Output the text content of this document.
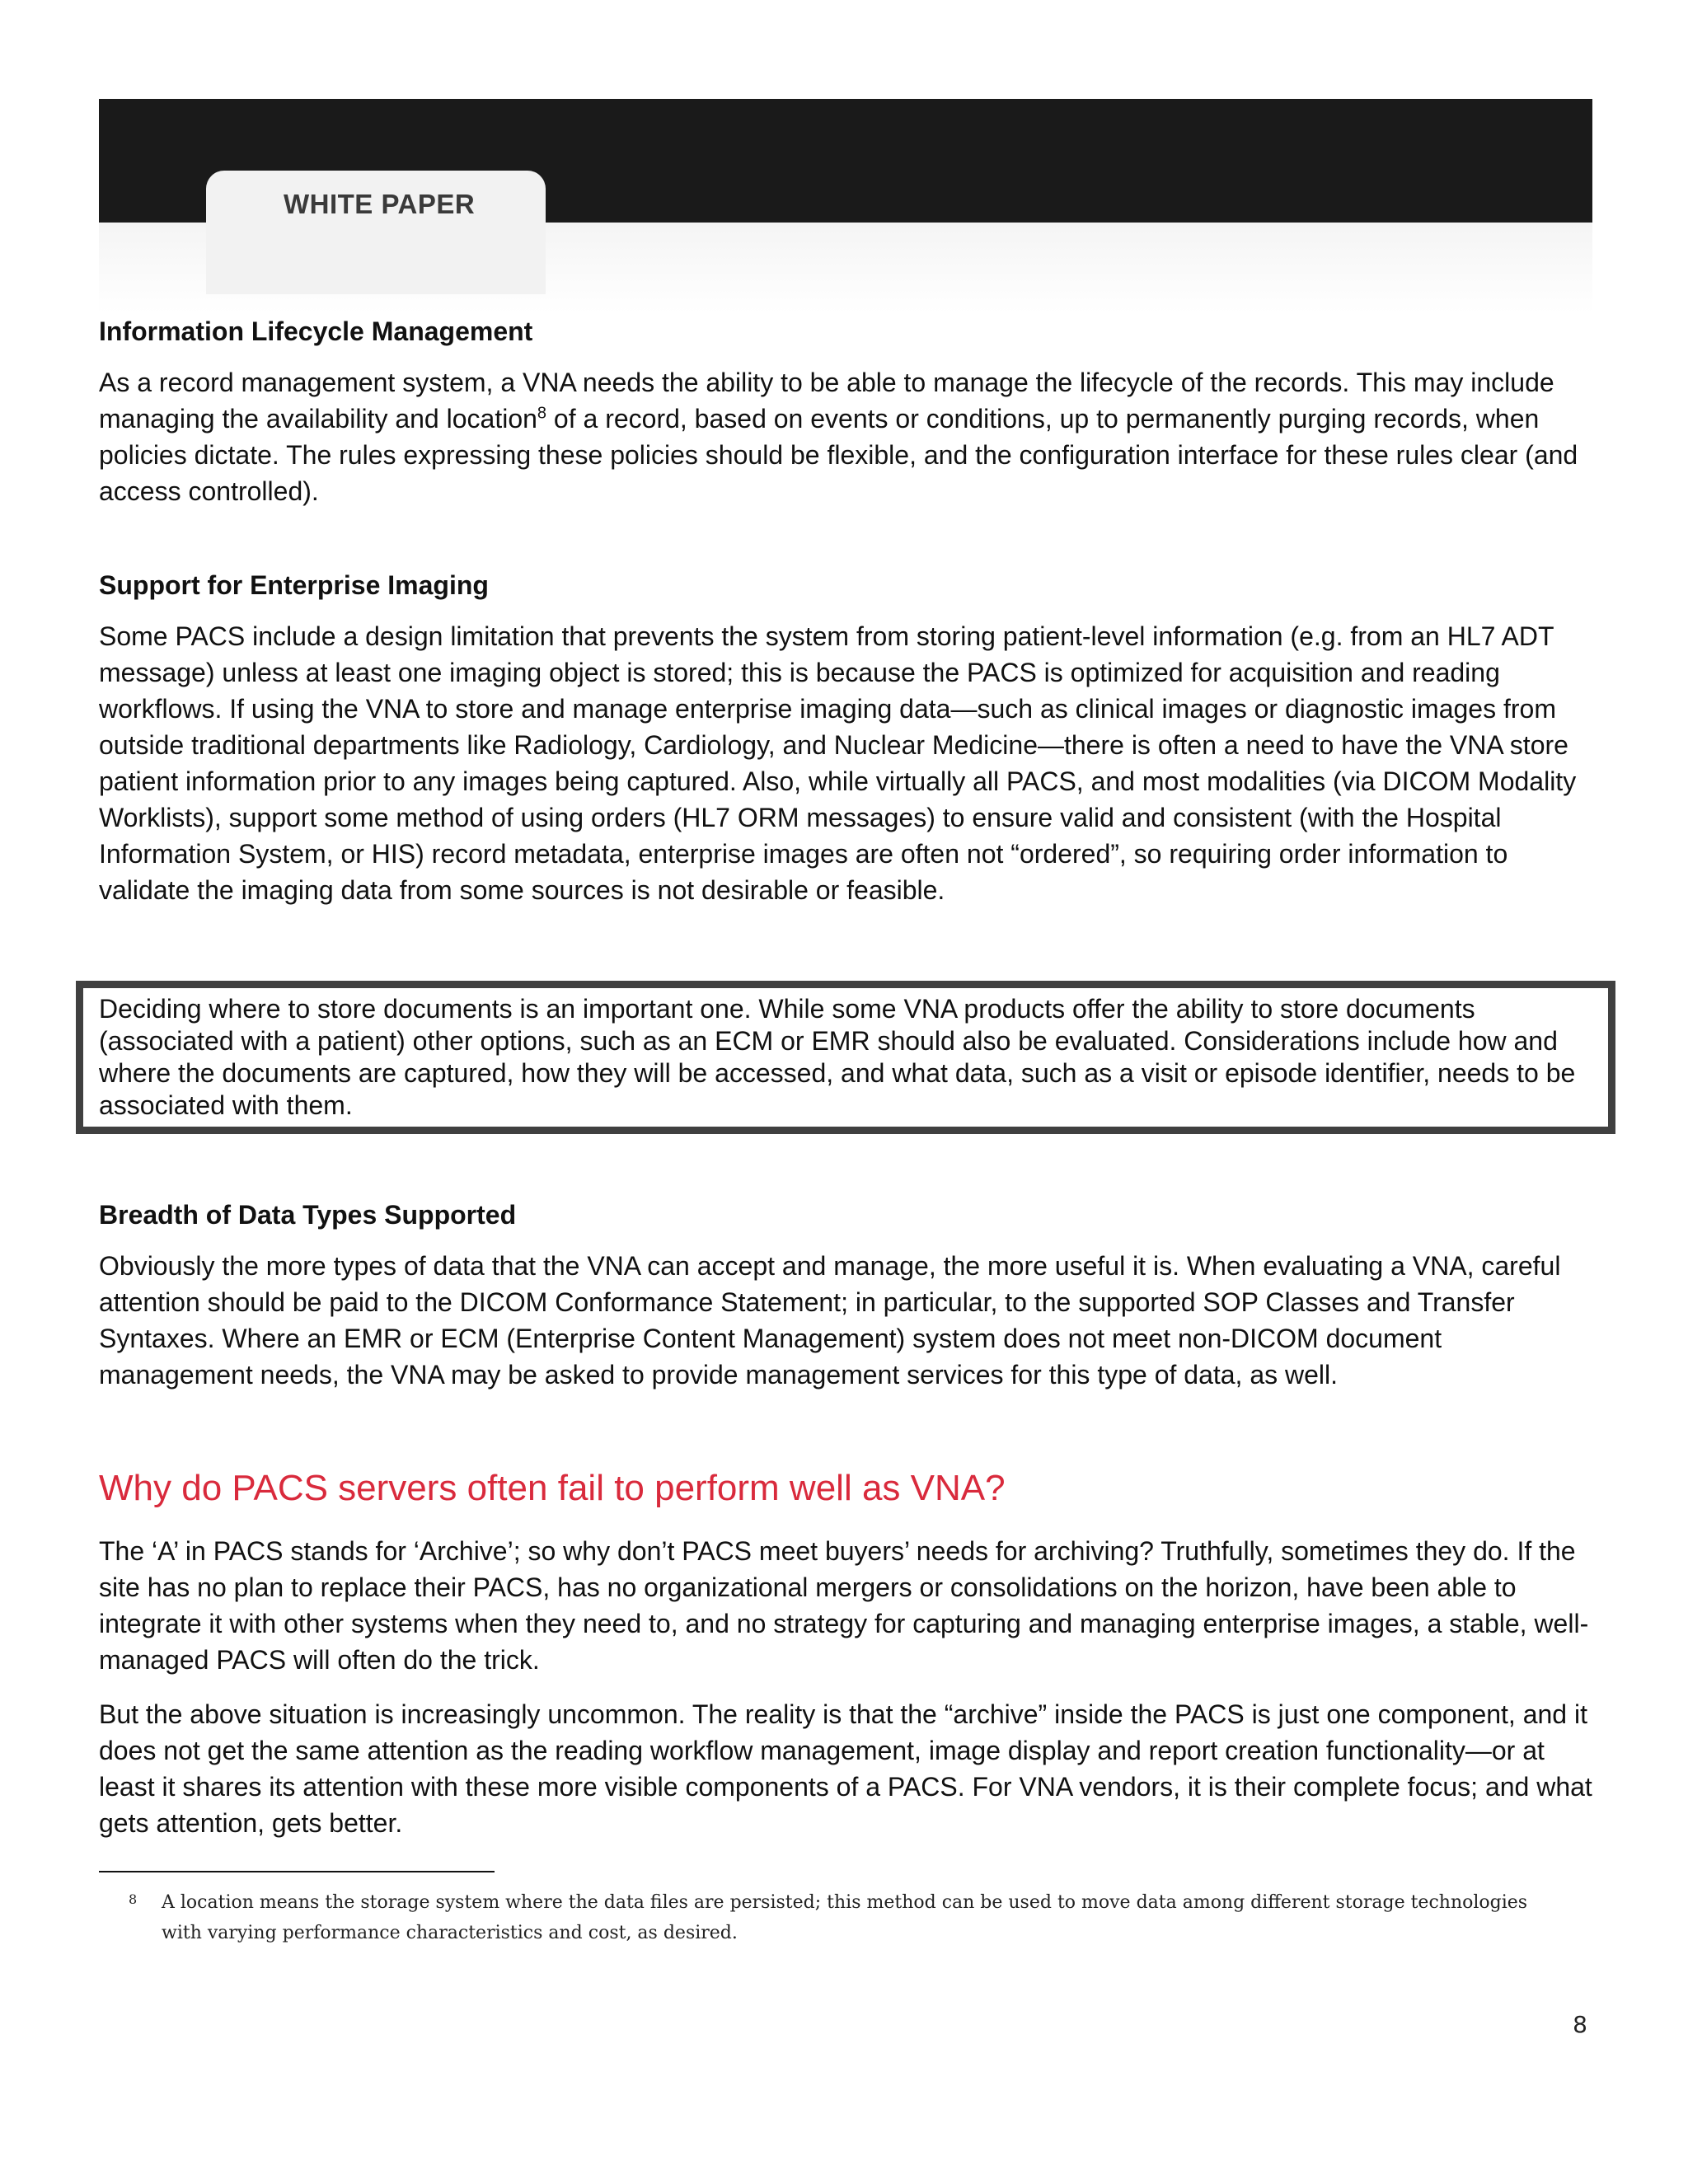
WHITE PAPER
Information Lifecycle Management

As a record management system, a VNA needs the ability to be able to manage the lifecycle of the records. This may include managing the availability and location$^8$ of a record, based on events or conditions, up to permanently purging records, when policies dictate. The rules expressing these policies should be flexible, and the configuration interface for these rules clear (and access controlled).

Support for Enterprise Imaging

Some PACS include a design limitation that prevents the system from storing patient-level information (e.g. from an HL7 ADT message) unless at least one imaging object is stored; this is because the PACS is optimized for acquisition and reading workflows. If using the VNA to store and manage enterprise imaging data—such as clinical images or diagnostic images from outside traditional departments like Radiology, Cardiology, and Nuclear Medicine—there is often a need to have the VNA store patient information prior to any images being captured. Also, while virtually all PACS, and most modalities (via DICOM Modality Worklists), support some method of using orders (HL7 ORM messages) to ensure valid and consistent (with the Hospital Information System, or HIS) record metadata, enterprise images are often not “ordered”, so requiring order information to validate the imaging data from some sources is not desirable or feasible.

Deciding where to store documents is an important one. While some VNA products offer the ability to store documents (associated with a patient) other options, such as an ECM or EMR should also be evaluated. Considerations include how and where the documents are captured, how they will be accessed, and what data, such as a visit or episode identifier, needs to be associated with them.

Breadth of Data Types Supported

Obviously the more types of data that the VNA can accept and manage, the more useful it is. When evaluating a VNA, careful attention should be paid to the DICOM Conformance Statement; in particular, to the supported SOP Classes and Transfer Syntaxes. Where an EMR or ECM (Enterprise Content Management) system does not meet non-DICOM document management needs, the VNA may be asked to provide management services for this type of data, as well.

Why do PACS servers often fail to perform well as VNA?

The ‘A’ in PACS stands for ‘Archive’; so why don’t PACS meet buyers’ needs for archiving? Truthfully, sometimes they do. If the site has no plan to replace their PACS, has no organizational mergers or consolidations on the horizon, have been able to integrate it with other systems when they need to, and no strategy for capturing and managing enterprise images, a stable, well-managed PACS will often do the trick.

But the above situation is increasingly uncommon. The reality is that the “archive” inside the PACS is just one component, and it does not get the same attention as the reading workflow management, image display and report creation functionality—or at least it shares its attention with these more visible components of a PACS. For VNA vendors, it is their complete focus; and what gets attention, gets better.

8 A location means the storage system where the data files are persisted; this method can be used to move data among different storage technologies with varying performance characteristics and cost, as desired.
8
